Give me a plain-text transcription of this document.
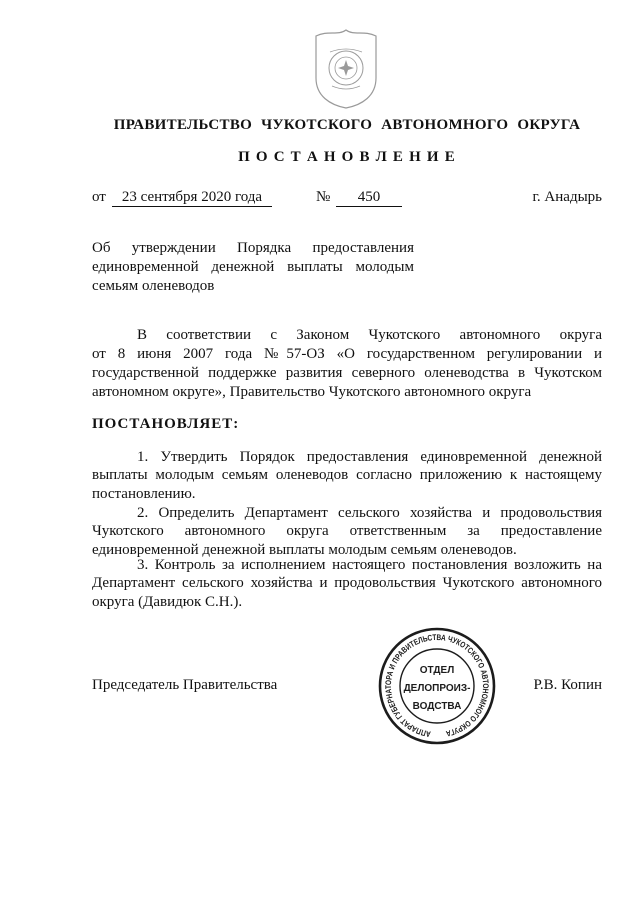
ПРАВИТЕЛЬСТВО ЧУКОТСКОГО АВТОНОМНОГО ОКРУГА
П О С Т А Н О В Л Е Н И Е
от	23 сентября 2020 года	№	450	г. Анадырь
Об утверждении Порядка предоставления
единовременной денежной выплаты молодым
семьям оленеводов
В соответствии с Законом Чукотского автономного округа
от 8 июня 2007 года №57-ОЗ «О государственном регулировании и
государственной поддержке развития северного оленеводства в Чукотском
автономном округе», Правительство Чукотского автономного округа
ПОСТАНОВЛЯЕТ:
1. Утвердить Порядок предоставления единовременной денежной
выплаты молодым семьям оленеводов согласно приложению к настоящему
постановлению.
2. Определить Департамент сельского хозяйства и продовольствия
Чукотского автономного округа ответственным за предоставление
единовременной денежной выплаты молодым семьям оленеводов.
3. Контроль за исполнением настоящего постановления возложить на
Департамент сельского хозяйства и продовольствия Чукотского автономного
округа (Давидюк С.Н.).
Председатель Правительства	Р.В. Копин
АППАРАТ ГУБЕРНАТОРА И ПРАВИТЕЛЬСТВА ЧУКОТСКОГО АВТОНОМНОГО ОКРУГА
ОТДЕЛ
ДЕЛОПРОИЗ-
ВОДСТВА
